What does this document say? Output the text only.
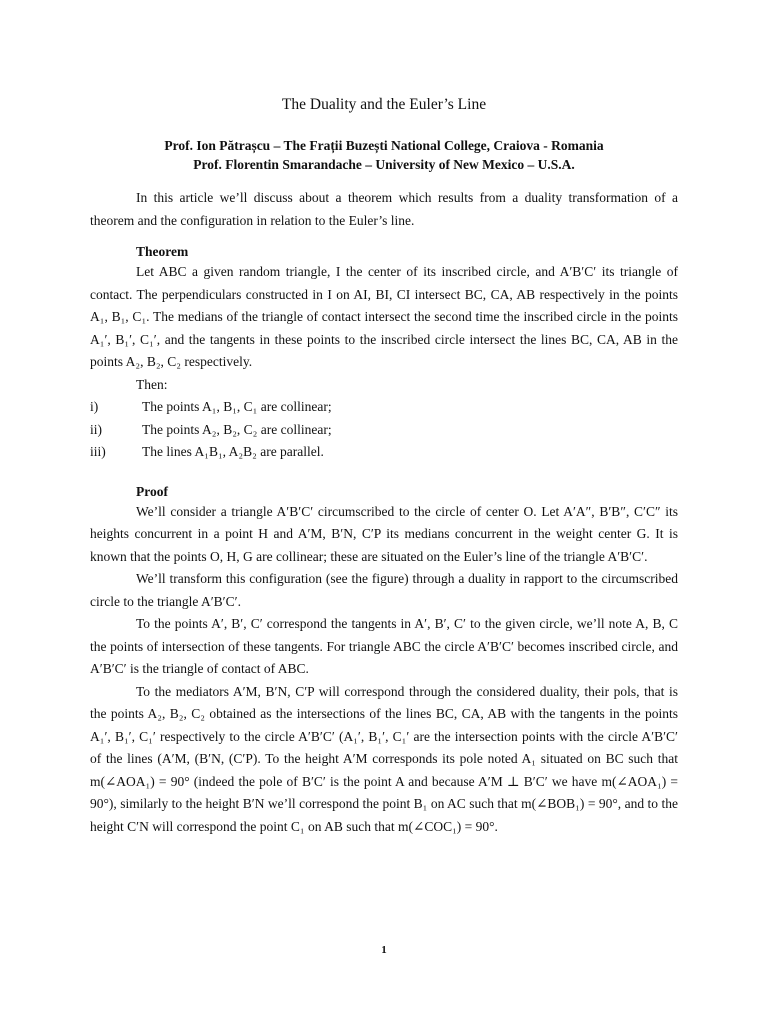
The Duality and the Euler’s Line
Prof. Ion Pătrașcu – The Frații Buzești National College, Craiova - Romania
Prof. Florentin Smarandache – University of New Mexico – U.S.A.

In this article we’ll discuss about a theorem which results from a duality transformation of a theorem and the configuration in relation to the Euler’s line.

Theorem

Let ABC a given random triangle, I the center of its inscribed circle, and A′B′C′ its triangle of contact. The perpendiculars constructed in I on AI, BI, CI intersect BC, CA, AB respectively in the points A₁, B₁, C₁. The medians of the triangle of contact intersect the second time the inscribed circle in the points A₁′, B₁′, C₁′, and the tangents in these points to the inscribed circle intersect the lines BC, CA, AB in the points A₂, B₂, C₂ respectively.

Then:

i)	The points A₁, B₁, C₁ are collinear;
ii)	The points A₂, B₂, C₂ are collinear;
iii)	The lines A₁B₁, A₂B₂ are parallel.
Proof

We’ll consider a triangle A′B′C′ circumscribed to the circle of center O. Let A′A″, B′B″, C′C″ its heights concurrent in a point H and A′M, B′N, C′P its medians concurrent in the weight center G. It is known that the points O, H, G are collinear; these are situated on the Euler’s line of the triangle A′B′C′.

We’ll transform this configuration (see the figure) through a duality in rapport to the circumscribed circle to the triangle A′B′C′.

To the points A′, B′, C′ correspond the tangents in A′, B′, C′ to the given circle, we’ll note A, B, C the points of intersection of these tangents. For triangle ABC the circle A′B′C′ becomes inscribed circle, and A′B′C′ is the triangle of contact of ABC.

To the mediators A′M, B′N, C′P will correspond through the considered duality, their pols, that is the points A₂, B₂, C₂ obtained as the intersections of the lines BC, CA, AB with the tangents in the points A₁′, B₁′, C₁′ respectively to the circle A′B′C′ (A₁′, B₁′, C₁′ are the intersection points with the circle A′B′C′ of the lines (A′M, (B′N, (C′P). To the height A′M corresponds its pole noted A₁ situated on BC such that m(∠AOA₁) = 90° (indeed the pole of B′C′ is the point A and because A′M ⊥ B′C′ we have m(∠AOA₁) = 90°), similarly to the height B′N we’ll correspond the point B₁ on AC such that m(∠BOB₁) = 90°, and to the height C′N will correspond the point C₁ on AB such that m(∠COC₁) = 90°.

1
